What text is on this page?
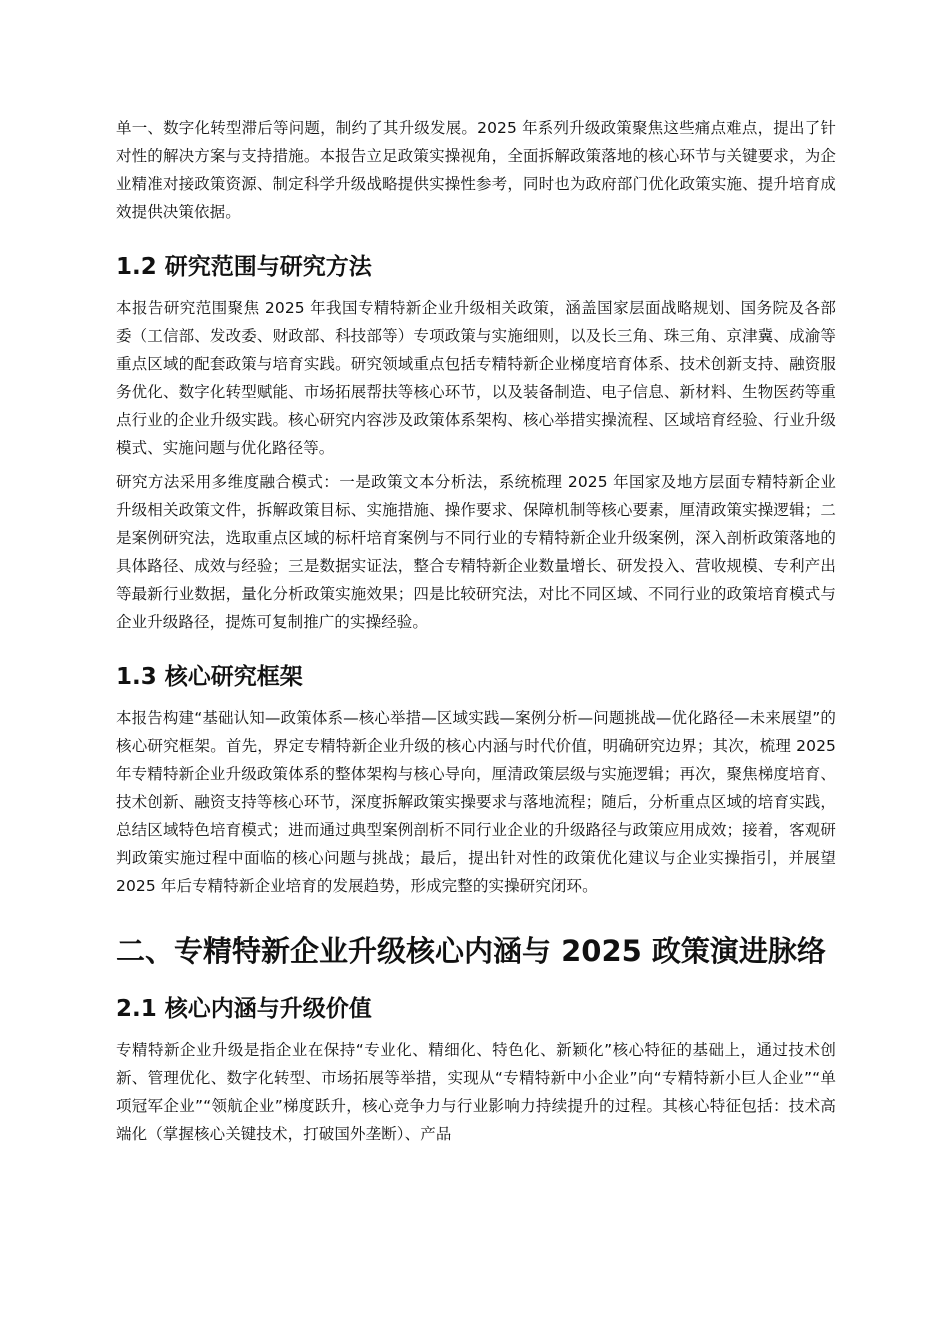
单一、数字化转型滞后等问题，制约了其升级发展。2025 年系列升级政策聚焦这些痛点难点，提出了针对性的解决方案与支持措施。本报告立足政策实操视角，全面拆解政策落地的核心环节与关键要求，为企业精准对接政策资源、制定科学升级战略提供实操性参考，同时也为政府部门优化政策实施、提升培育成效提供决策依据。

1.2 研究范围与研究方法

本报告研究范围聚焦 2025 年我国专精特新企业升级相关政策，涵盖国家层面战略规划、国务院及各部委（工信部、发改委、财政部、科技部等）专项政策与实施细则，以及长三角、珠三角、京津冀、成渝等重点区域的配套政策与培育实践。研究领域重点包括专精特新企业梯度培育体系、技术创新支持、融资服务优化、数字化转型赋能、市场拓展帮扶等核心环节，以及装备制造、电子信息、新材料、生物医药等重点行业的企业升级实践。核心研究内容涉及政策体系架构、核心举措实操流程、区域培育经验、行业升级模式、实施问题与优化路径等。

研究方法采用多维度融合模式：一是政策文本分析法，系统梳理 2025 年国家及地方层面专精特新企业升级相关政策文件，拆解政策目标、实施措施、操作要求、保障机制等核心要素，厘清政策实操逻辑；二是案例研究法，选取重点区域的标杆培育案例与不同行业的专精特新企业升级案例，深入剖析政策落地的具体路径、成效与经验；三是数据实证法，整合专精特新企业数量增长、研发投入、营收规模、专利产出等最新行业数据，量化分析政策实施效果；四是比较研究法，对比不同区域、不同行业的政策培育模式与企业升级路径，提炼可复制推广的实操经验。

1.3 核心研究框架

本报告构建“基础认知—政策体系—核心举措—区域实践—案例分析—问题挑战—优化路径—未来展望”的核心研究框架。首先，界定专精特新企业升级的核心内涵与时代价值，明确研究边界；其次，梳理 2025 年专精特新企业升级政策体系的整体架构与核心导向，厘清政策层级与实施逻辑；再次，聚焦梯度培育、技术创新、融资支持等核心环节，深度拆解政策实操要求与落地流程；随后，分析重点区域的培育实践，总结区域特色培育模式；进而通过典型案例剖析不同行业企业的升级路径与政策应用成效；接着，客观研判政策实施过程中面临的核心问题与挑战；最后，提出针对性的政策优化建议与企业实操指引，并展望 2025 年后专精特新企业培育的发展趋势，形成完整的实操研究闭环。

二、专精特新企业升级核心内涵与 2025 政策演进脉络
2.1 核心内涵与升级价值

专精特新企业升级是指企业在保持“专业化、精细化、特色化、新颖化”核心特征的基础上，通过技术创新、管理优化、数字化转型、市场拓展等举措，实现从“专精特新中小企业”向“专精特新小巨人企业”“单项冠军企业”“领航企业”梯度跃升，核心竞争力与行业影响力持续提升的过程。其核心特征包括：技术高端化（掌握核心关键技术，打破国外垄断）、产品
